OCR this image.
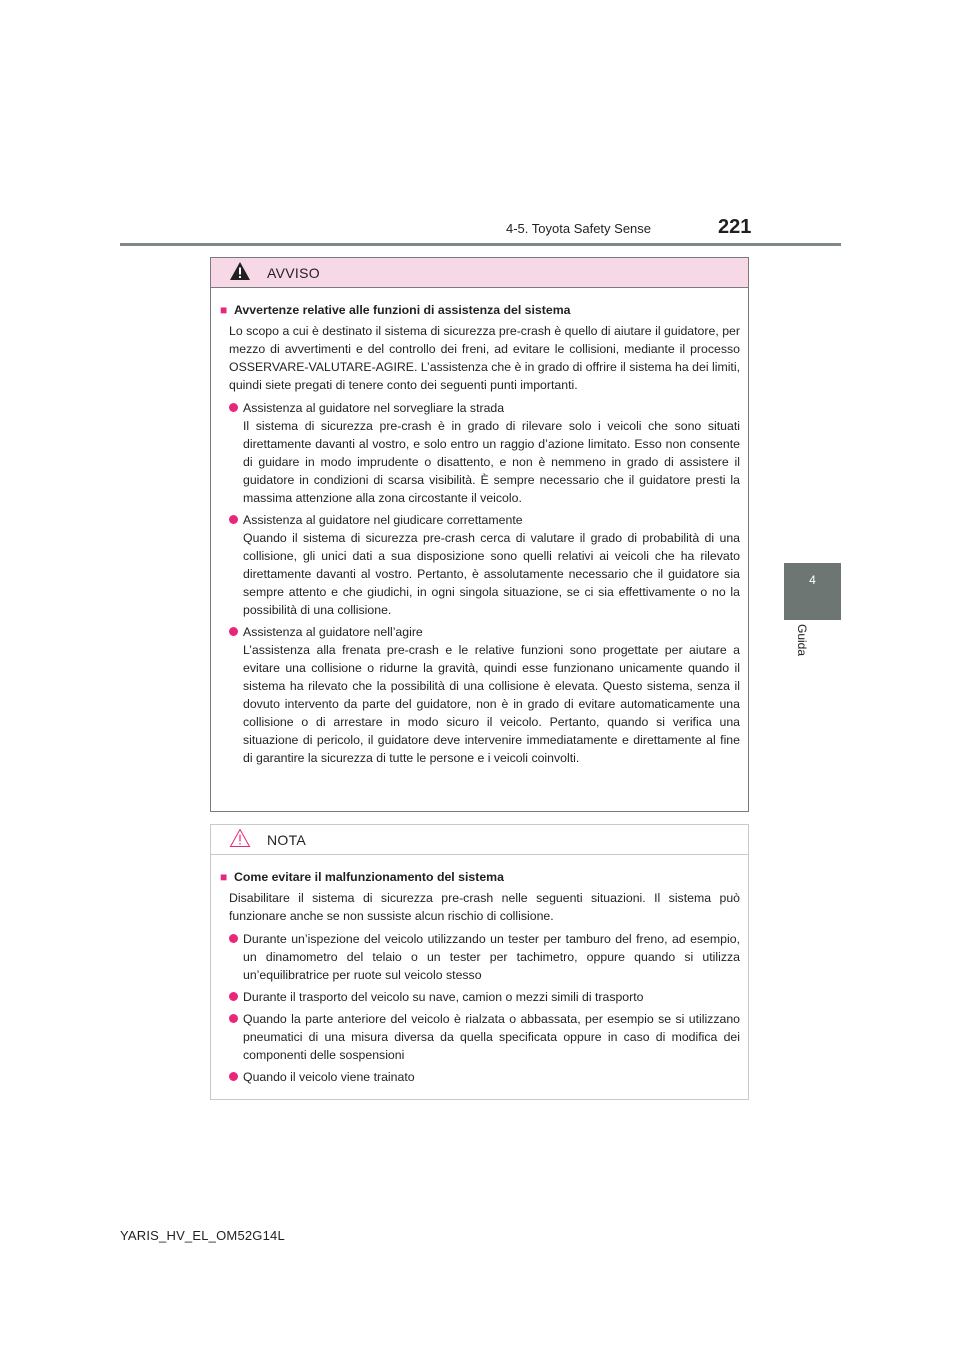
4-5. Toyota Safety Sense	221
4
Guida
AVVISO
■ Avvertenze relative alle funzioni di assistenza del sistema
Lo scopo a cui è destinato il sistema di sicurezza pre-crash è quello di aiutare il guidatore, per mezzo di avvertimenti e del controllo dei freni, ad evitare le collisioni, mediante il processo OSSERVARE-VALUTARE-AGIRE. L’assistenza che è in grado di offrire il sistema ha dei limiti, quindi siete pregati di tenere conto dei seguenti punti importanti.
Assistenza al guidatore nel sorvegliare la strada
Il sistema di sicurezza pre-crash è in grado di rilevare solo i veicoli che sono situati direttamente davanti al vostro, e solo entro un raggio d’azione limitato. Esso non consente di guidare in modo imprudente o disattento, e non è nemmeno in grado di assistere il guidatore in condizioni di scarsa visibilità. È sempre necessario che il guidatore presti la massima attenzione alla zona circostante il veicolo.
Assistenza al guidatore nel giudicare correttamente
Quando il sistema di sicurezza pre-crash cerca di valutare il grado di probabilità di una collisione, gli unici dati a sua disposizione sono quelli relativi ai veicoli che ha rilevato direttamente davanti al vostro. Pertanto, è assolutamente necessario che il guidatore sia sempre attento e che giudichi, in ogni singola situazione, se ci sia effettivamente o no la possibilità di una collisione.
Assistenza al guidatore nell’agire
L’assistenza alla frenata pre-crash e le relative funzioni sono progettate per aiutare a evitare una collisione o ridurne la gravità, quindi esse funzionano unicamente quando il sistema ha rilevato che la possibilità di una collisione è elevata. Questo sistema, senza il dovuto intervento da parte del guidatore, non è in grado di evitare automaticamente una collisione o di arrestare in modo sicuro il veicolo. Pertanto, quando si verifica una situazione di pericolo, il guidatore deve intervenire immediatamente e direttamente al fine di garantire la sicurezza di tutte le persone e i veicoli coinvolti.
NOTA
■ Come evitare il malfunzionamento del sistema
Disabilitare il sistema di sicurezza pre-crash nelle seguenti situazioni. Il sistema può funzionare anche se non sussiste alcun rischio di collisione.
Durante un’ispezione del veicolo utilizzando un tester per tamburo del freno, ad esempio, un dinamometro del telaio o un tester per tachimetro, oppure quando si utilizza un’equilibratrice per ruote sul veicolo stesso
Durante il trasporto del veicolo su nave, camion o mezzi simili di trasporto
Quando la parte anteriore del veicolo è rialzata o abbassata, per esempio se si utilizzano pneumatici di una misura diversa da quella specificata oppure in caso di modifica dei componenti delle sospensioni
Quando il veicolo viene trainato
YARIS_HV_EL_OM52G14L
